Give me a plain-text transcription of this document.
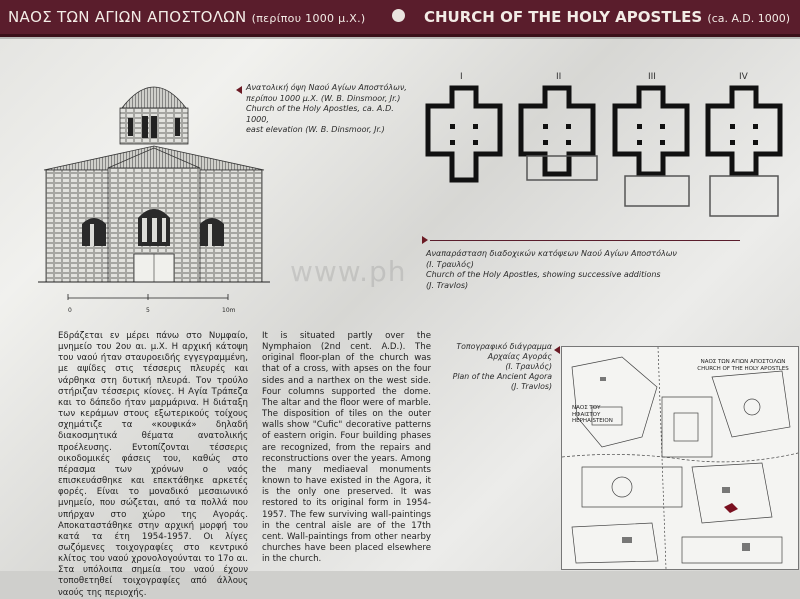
ΝΑΟΣ ΤΩΝ ΑΓΙΩΝ ΑΠΟΣΤΟΛΩΝ (περίπου 1000 μ.Χ.)	CHURCH OF THE HOLY APOSTLES (ca. A.D. 1000)
0	5	10m
Ανατολική όψη Ναού Αγίων Αποστόλων,
περίπου 1000 μ.Χ. (W. B. Dinsmoor, Jr.)
Church of the Holy Apostles, ca. A.D. 1000,
east elevation (W. B. Dinsmoor, Jr.)
I	II	III	IV
Αναπαράσταση διαδοχικών κατόψεων Ναού Αγίων Αποστόλων
(Ι. Τραυλός)
Church of the Holy Apostles, showing successive additions
(J. Travlos)
www.ph
Εδράζεται εν μέρει πάνω στο Νυμφαίο, μνημείο του 2ου αι. μ.Χ. Η αρχική κάτοψη του ναού ήταν σταυροειδής εγγεγραμμένη, με αψίδες στις τέσσερις πλευρές και νάρθηκα στη δυτική πλευρά. Τον τρούλο στήριζαν τέσσερις κίονες. Η Αγία Τράπεζα και το δάπεδο ήταν μαρμάρινα. Η διάταξη των κεράμων στους εξωτερικούς τοίχους σχημάτιζε τα «κουφικά» δηλαδή διακοσμητικά θέματα ανατολικής προέλευσης. Εντοπίζονται τέσσερις οικοδομικές φάσεις του, καθώς στο πέρασμα των χρόνων ο ναός επισκευάσθηκε και επεκτάθηκε αρκετές φορές. Είναι το μοναδικό μεσαιωνικό μνημείο, που σώζεται, από τα πολλά που υπήρχαν στο χώρο της Αγοράς. Αποκαταστάθηκε στην αρχική μορφή του κατά τα έτη 1954-1957. Οι λίγες σωζόμενες τοιχογραφίες στο κεντρικό κλίτος του ναού χρονολογούνται το 17ο αι. Στα υπόλοιπα σημεία του ναού έχουν τοποθετηθεί τοιχογραφίες από άλλους ναούς της περιοχής.
It is situated partly over the Nymphaion (2nd cent. A.D.). The original floor-plan of the church was that of a cross, with apses on the four sides and a narthex on the west side. Four columns supported the dome. The altar and the floor were of marble. The disposition of tiles on the outer walls show "Cufic" decorative patterns of eastern origin. Four building phases are recognized, from the repairs and reconstructions over the years. Among the many mediaeval monuments known to have existed in the Agora, it is the only one preserved. It was restored to its original form in 1954-1957. The few surviving wall-paintings in the central aisle are of the 17th cent. Wall-paintings from other nearby churches have been placed elsewhere in the church.
Τοπογραφικό διάγραμμα
Αρχαίας Αγοράς
(Ι. Τραυλός)
Plan of the Ancient Agora
(J. Travlos)
ΝΑΟΣ ΤΩΝ ΑΓΙΩΝ ΑΠΟΣΤΟΛΩΝ CHURCH OF THE HOLY APOSTLES
ΝΑΟΣ ΤΟΥ ΗΦΑΙΣΤΟΥ HEPHAISTEION
